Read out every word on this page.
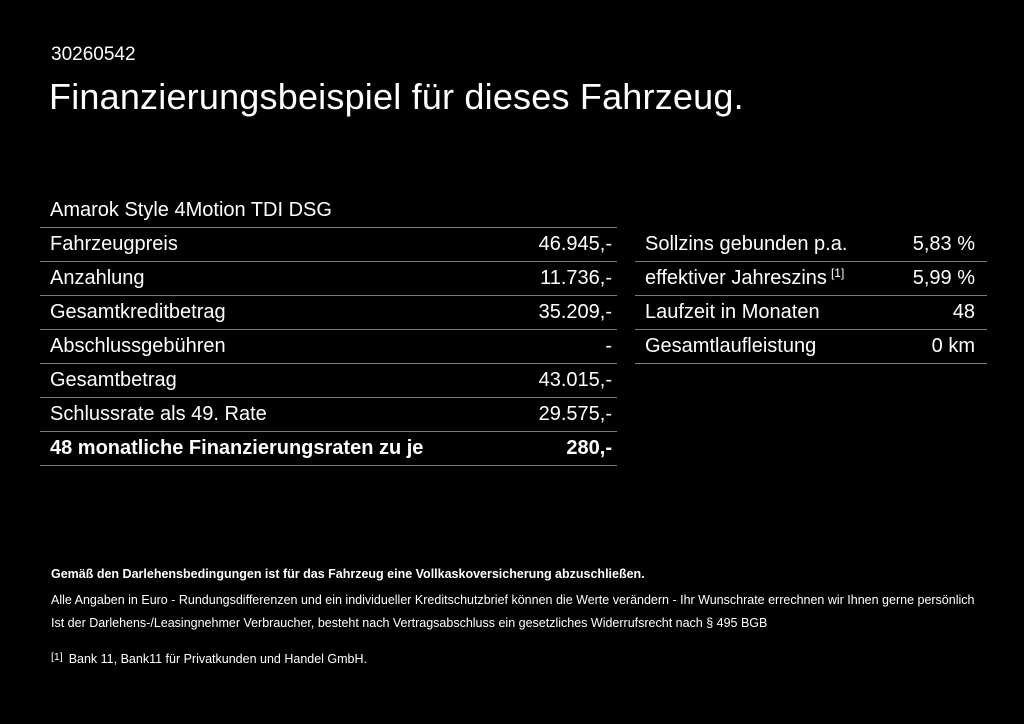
30260542
Finanzierungsbeispiel für dieses Fahrzeug.
Amarok Style 4Motion TDI DSG
Fahrzeugpreis	46.945,-
Anzahlung	11.736,-
Gesamtkreditbetrag	35.209,-
Abschlussgebühren	-
Gesamtbetrag	43.015,-
Schlussrate als 49. Rate	29.575,-
48 monatliche Finanzierungsraten zu je	280,-
Sollzins gebunden p.a.	5,83 %
effektiver Jahreszins [1]	5,99 %
Laufzeit in Monaten	48
Gesamtlaufleistung	0 km

Gemäß den Darlehensbedingungen ist für das Fahrzeug eine Vollkaskoversicherung abzuschließen.

Alle Angaben in Euro - Rundungsdifferenzen und ein individueller Kreditschutzbrief können die Werte verändern - Ihr Wunschrate errechnen wir Ihnen gerne persönlich

Ist der Darlehens-/Leasingnehmer Verbraucher, besteht nach Vertragsabschluss ein gesetzliches Widerrufsrecht nach § 495 BGB

[1] Bank 11, Bank11 für Privatkunden und Handel GmbH.
